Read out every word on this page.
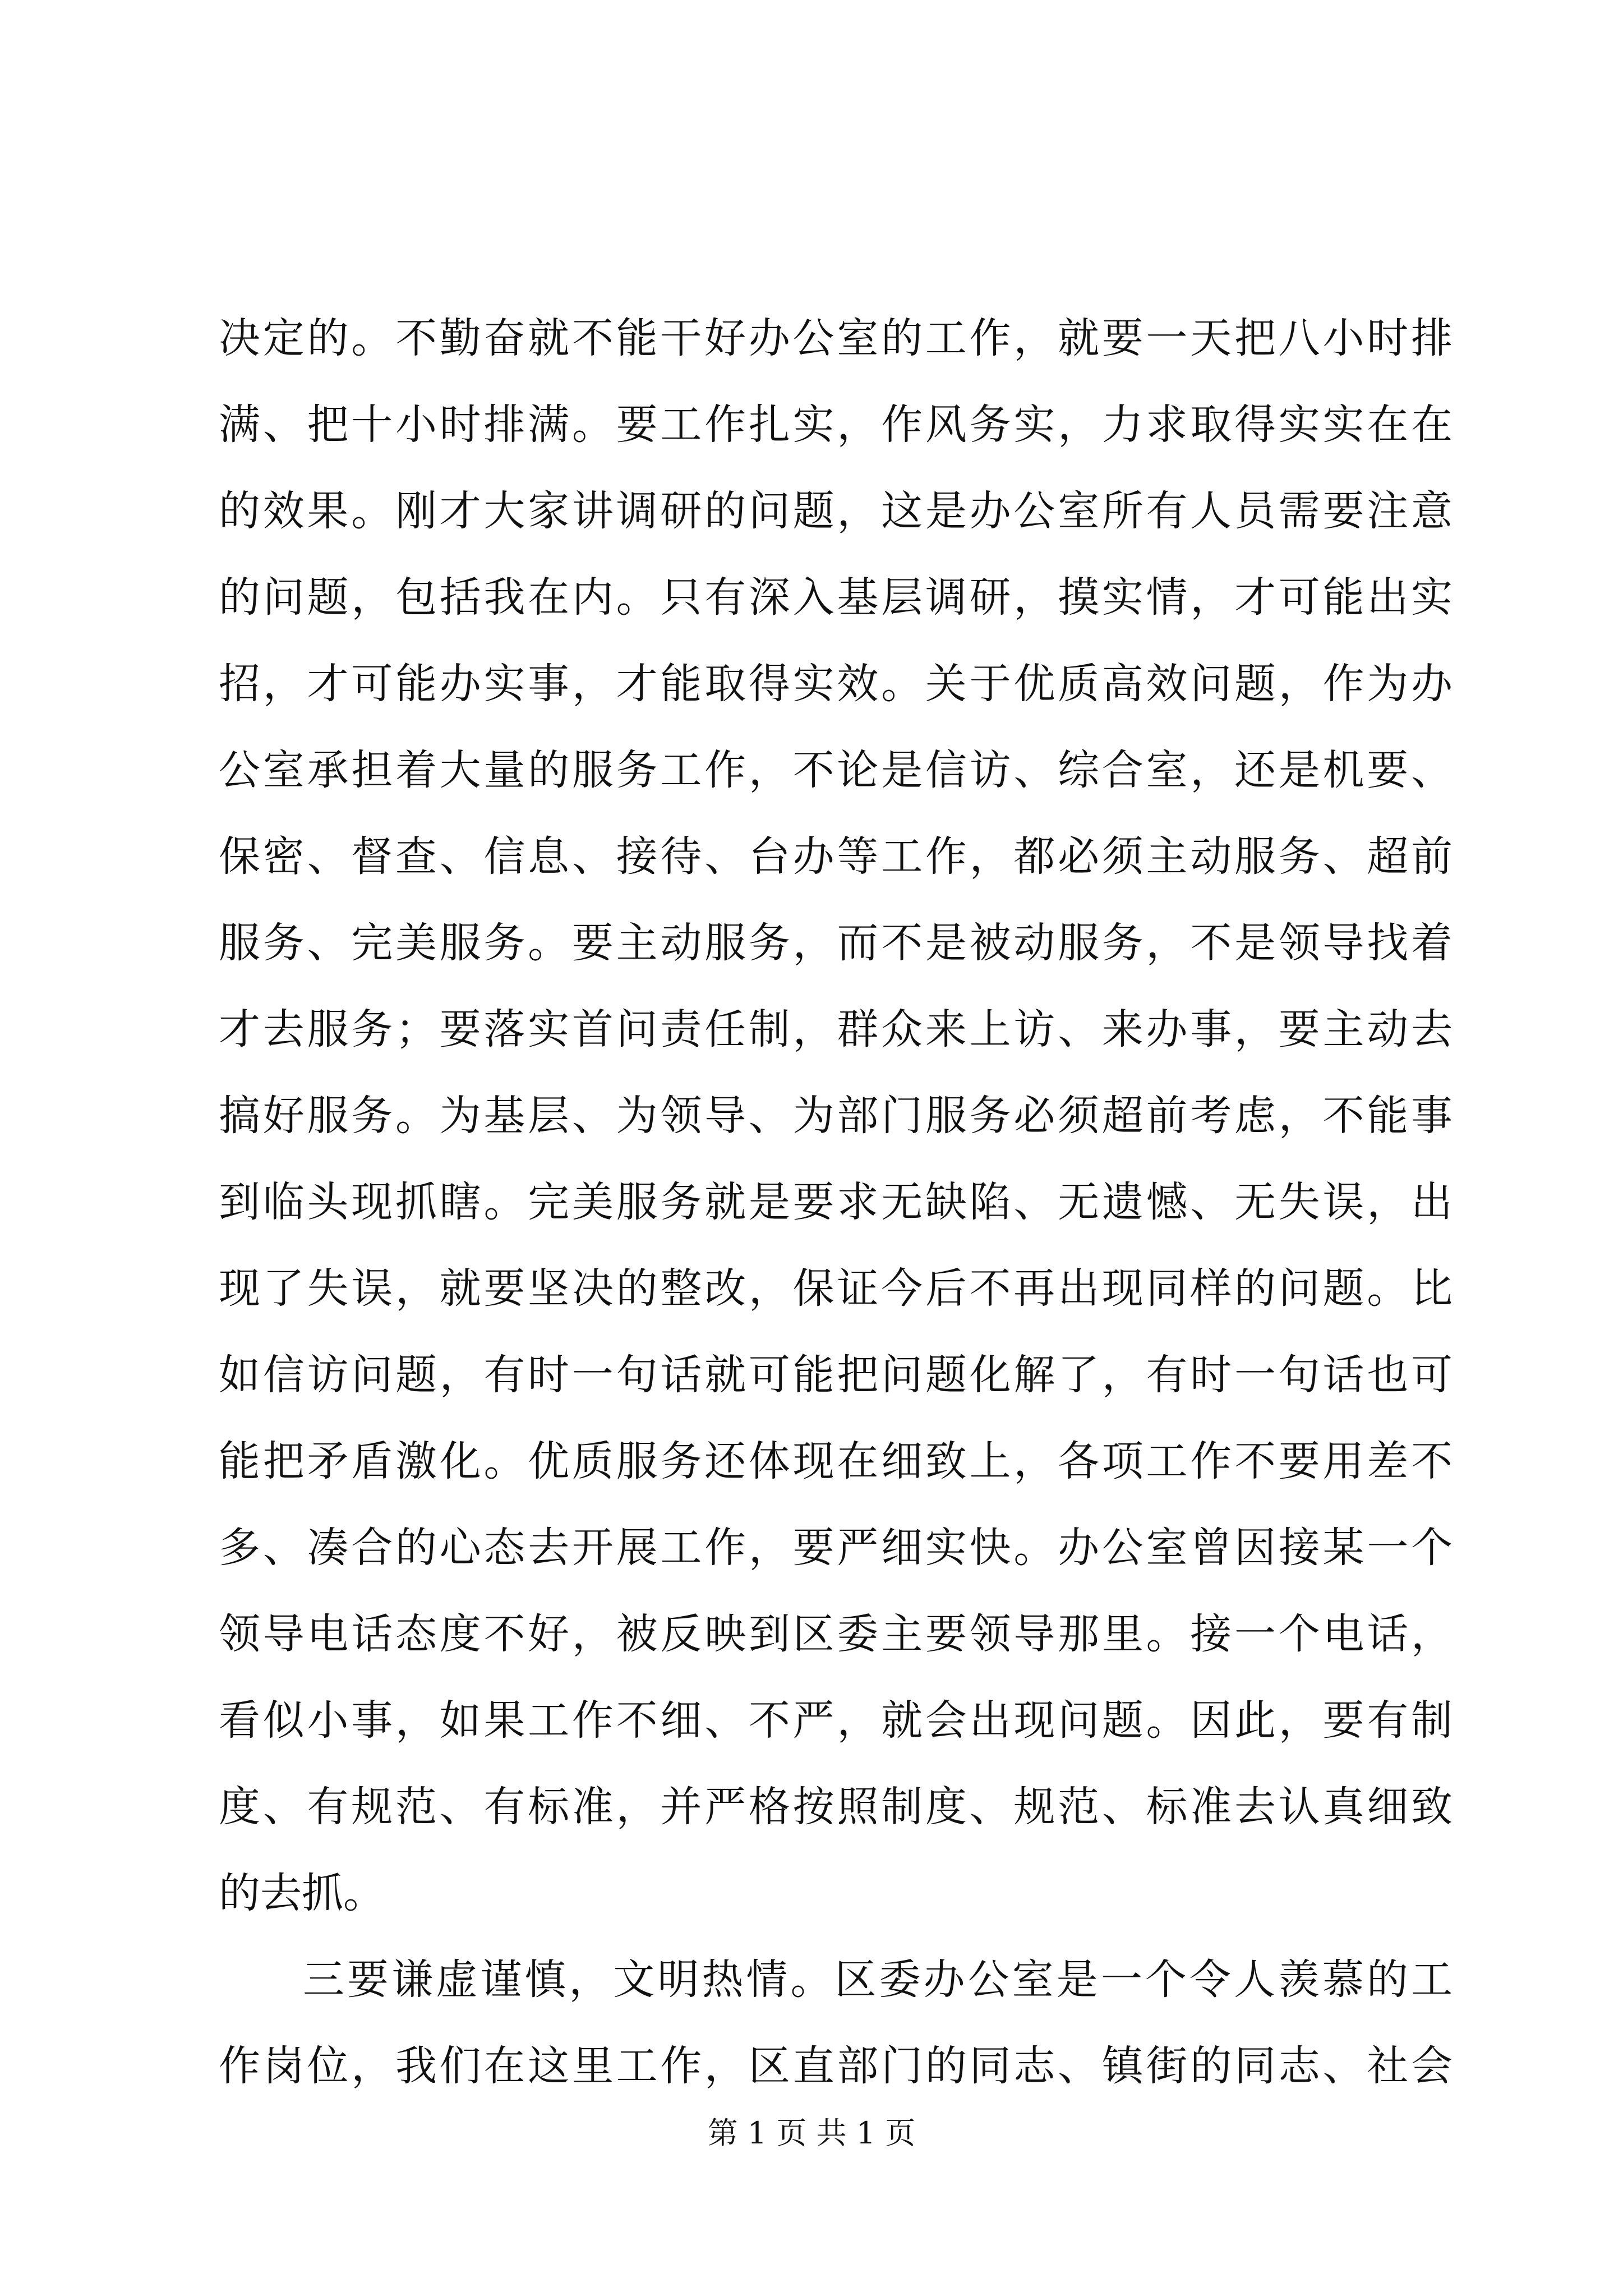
决定的。不勤奋就不能干好办公室的工作，就要一天把八小时排
满、把十小时排满。要工作扎实，作风务实，力求取得实实在在
的效果。刚才大家讲调研的问题，这是办公室所有人员需要注意
的问题，包括我在内。只有深入基层调研，摸实情，才可能出实
招，才可能办实事，才能取得实效。关于优质高效问题，作为办
公室承担着大量的服务工作，不论是信访、综合室，还是机要、
保密、督查、信息、接待、台办等工作，都必须主动服务、超前
服务、完美服务。要主动服务，而不是被动服务，不是领导找着
才去服务；要落实首问责任制，群众来上访、来办事，要主动去
搞好服务。为基层、为领导、为部门服务必须超前考虑，不能事
到临头现抓瞎。完美服务就是要求无缺陷、无遗憾、无失误，出
现了失误，就要坚决的整改，保证今后不再出现同样的问题。比
如信访问题，有时一句话就可能把问题化解了，有时一句话也可
能把矛盾激化。优质服务还体现在细致上，各项工作不要用差不
多、凑合的心态去开展工作，要严细实快。办公室曾因接某一个
领导电话态度不好，被反映到区委主要领导那里。接一个电话，
看似小事，如果工作不细、不严，就会出现问题。因此，要有制
度、有规范、有标准，并严格按照制度、规范、标准去认真细致
的去抓。
三要谦虚谨慎，文明热情。区委办公室是一个令人羡慕的工
作岗位，我们在这里工作，区直部门的同志、镇街的同志、社会
第 1 页 共 1 页
